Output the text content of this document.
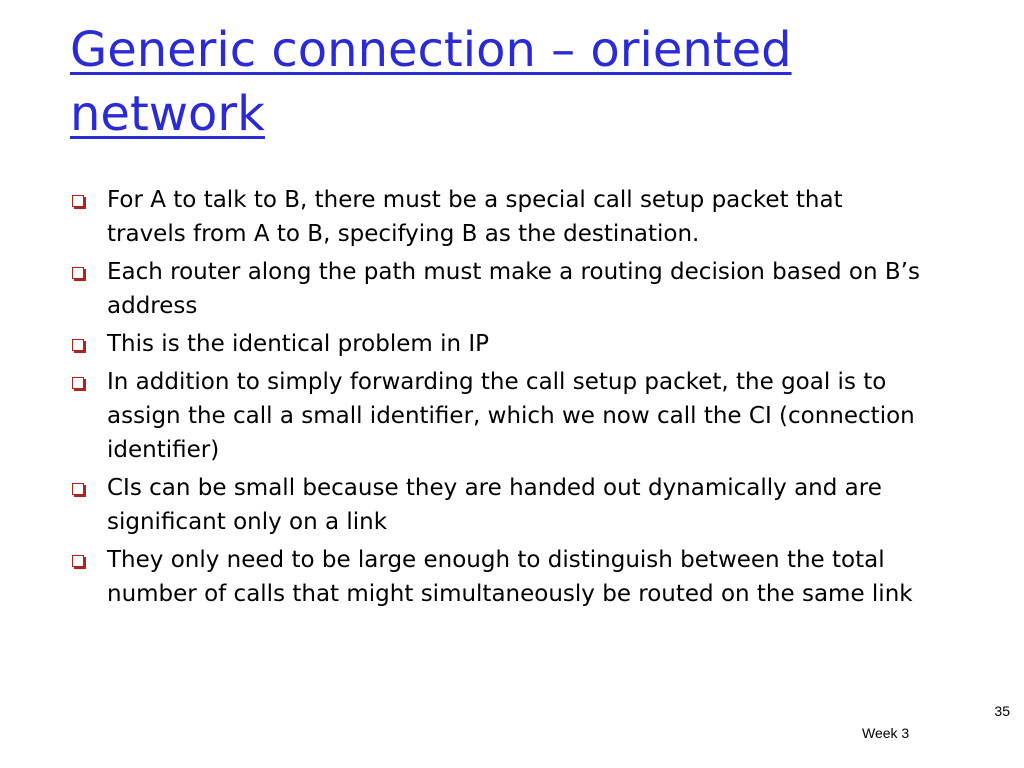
Generic connection – oriented network
For A to talk to B, there must be a special call setup packet that travels from A to B, specifying B as the destination.
Each router along the path must make a routing decision based on B’s address
This is the identical problem in IP
In addition to simply forwarding the call setup packet, the goal is to assign the call a small identifier, which we now call the CI (connection identifier)
CIs can be small because they are handed out dynamically and are significant only on a link
They only need to be large enough to distinguish between the total number of calls that might simultaneously be routed on the same link
35
Week 3
